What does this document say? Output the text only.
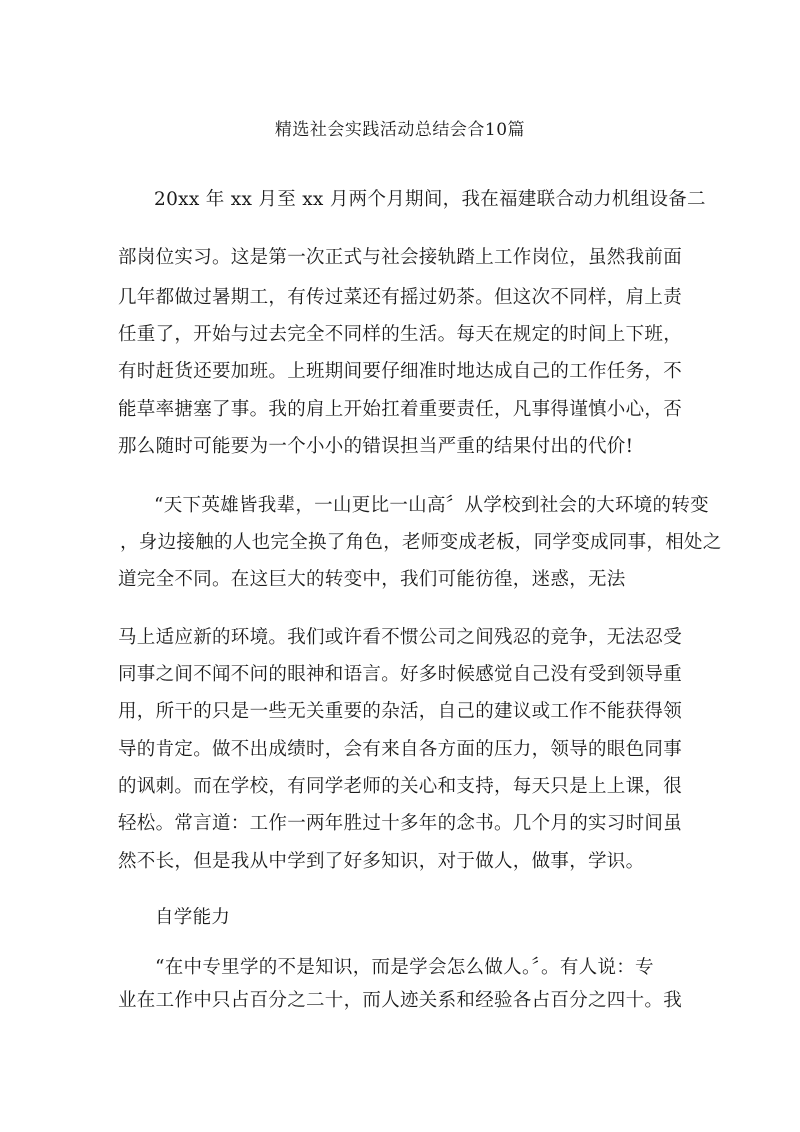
精选社会实践活动总结会合10篇
20xx 年 xx 月至 xx 月两个月期间，我在福建联合动力机组设备二
部岗位实习。这是第一次正式与社会接轨踏上工作岗位，虽然我前面
几年都做过暑期工，有传过菜还有摇过奶茶。但这次不同样，肩上责
任重了，开始与过去完全不同样的生活。每天在规定的时间上下班，
有时赶货还要加班。上班期间要仔细准时地达成自己的工作任务，不
能草率搪塞了事。我的肩上开始扛着重要责任，凡事得谨慎小心，否
那么随时可能要为一个小小的错误担当严重的结果付出的代价!
“天下英雄皆我辈，一山更比一山高〞从学校到社会的大环境的转变
，身边接触的人也完全换了角色，老师变成老板，同学变成同事，相处之
道完全不同。在这巨大的转变中，我们可能彷徨，迷惑，无法
马上适应新的环境。我们或许看不惯公司之间残忍的竞争，无法忍受
同事之间不闻不问的眼神和语言。好多时候感觉自己没有受到领导重
用，所干的只是一些无关重要的杂活，自己的建议或工作不能获得领
导的肯定。做不出成绩时，会有来自各方面的压力，领导的眼色同事
的讽刺。而在学校，有同学老师的关心和支持，每天只是上上课，很
轻松。常言道：工作一两年胜过十多年的念书。几个月的实习时间虽
然不长，但是我从中学到了好多知识，对于做人，做事，学识。
自学能力
“在中专里学的不是知识，而是学会怎么做人。〞。有人说：专
业在工作中只占百分之二十，而人迹关系和经验各占百分之四十。我
